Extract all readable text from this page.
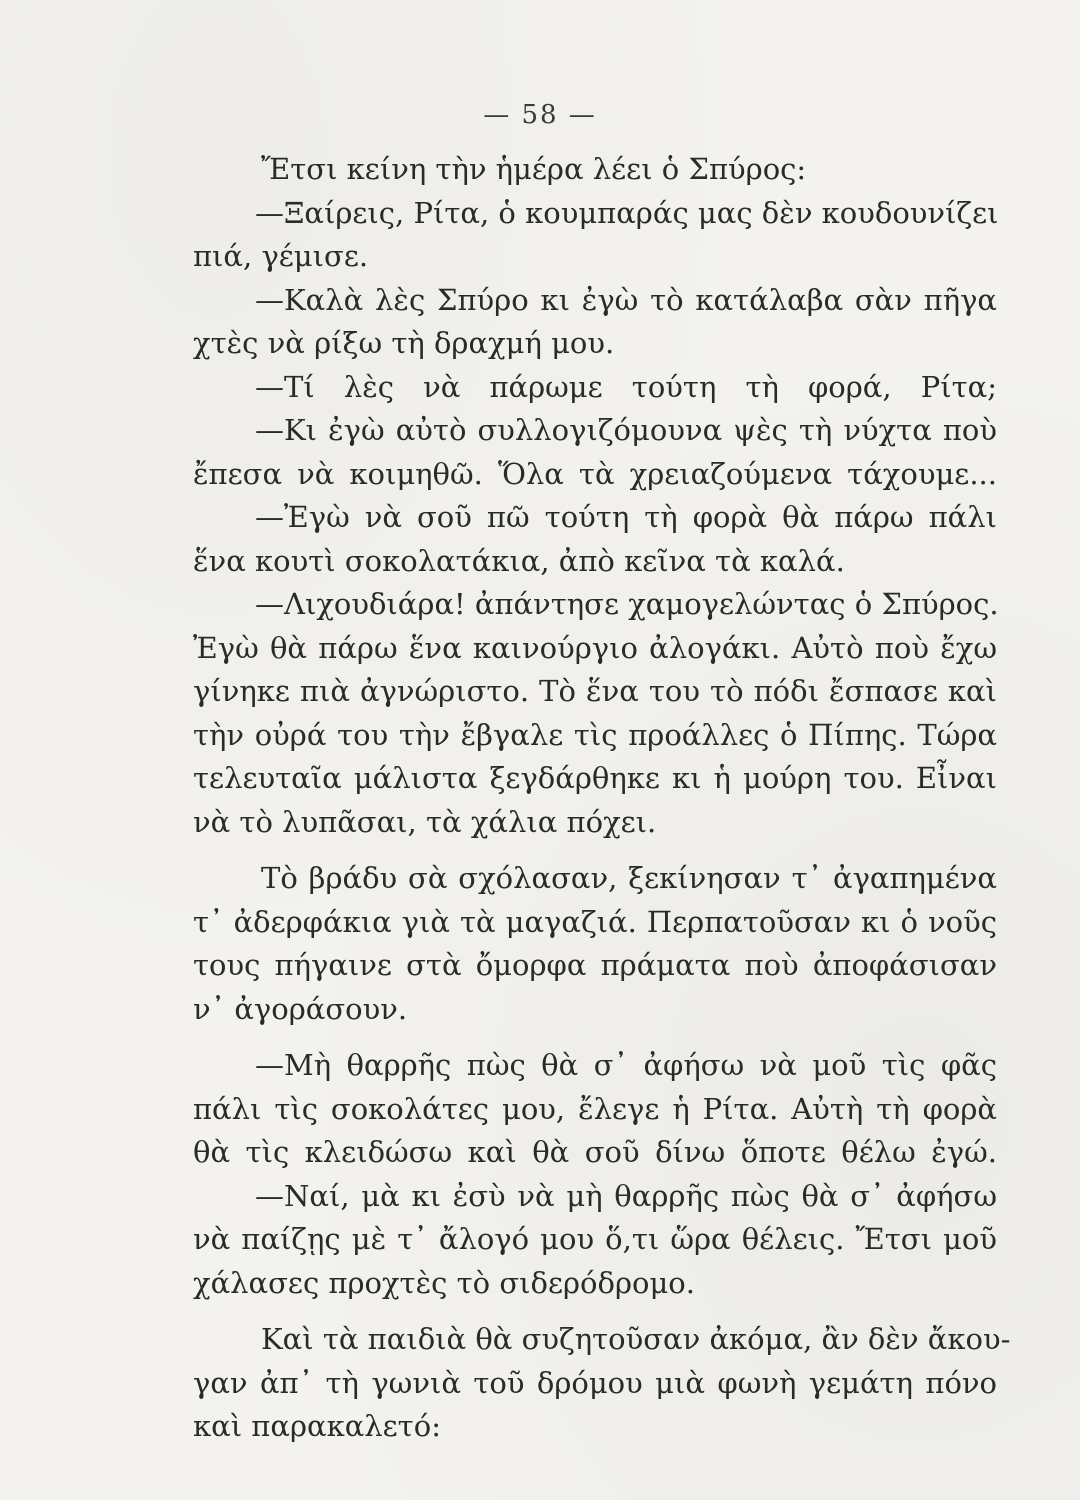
— 58 —
Ἔτσι κείνη τὴν ἡμέρα λέει ὁ Σπύρος:
—Ξαίρεις, Ρίτα, ὁ κουμπαράς μας δὲν κουδουνίζει
πιά, γέμισε.
—Καλὰ λὲς Σπύρο κι ἐγὼ τὸ κατάλαβα σὰν πῆγα
χτὲς νὰ ρίξω τὴ δραχμή μου.
—Τί λὲς νὰ πάρωμε τούτη τὴ φορά, Ρίτα;
—Κι ἐγὼ αὐτὸ συλλογιζόμουνα ψὲς τὴ νύχτα ποὺ
ἔπεσα νὰ κοιμηθῶ. Ὅλα τὰ χρειαζούμενα τάχουμε...
—Ἐγὼ νὰ σοῦ πῶ τούτη τὴ φορὰ θὰ πάρω πάλι
ἕνα κουτὶ σοκολατάκια, ἀπὸ κεῖνα τὰ καλά.
—Λιχουδιάρα! ἀπάντησε χαμογελώντας ὁ Σπύρος.
Ἐγὼ θὰ πάρω ἕνα καινούργιο ἀλογάκι. Αὐτὸ ποὺ ἔχω
γίνηκε πιὰ ἀγνώριστο. Τὸ ἕνα του τὸ πόδι ἔσπασε καὶ
τὴν οὐρά του τὴν ἔβγαλε τὶς προάλλες ὁ Πίπης. Τώρα
τελευταῖα μάλιστα ξεγδάρθηκε κι ἡ μούρη του. Εἶναι
νὰ τὸ λυπᾶσαι, τὰ χάλια πόχει.
Τὸ βράδυ σὰ σχόλασαν, ξεκίνησαν τ᾿ ἀγαπημένα
τ᾿ ἀδερφάκια γιὰ τὰ μαγαζιά. Περπατοῦσαν κι ὁ νοῦς
τους πήγαινε στὰ ὄμορφα πράματα ποὺ ἀποφάσισαν
ν᾿ ἀγοράσουν.
—Μὴ θαρρῆς πὼς θὰ σ᾿ ἀφήσω νὰ μοῦ τὶς φᾶς
πάλι τὶς σοκολάτες μου, ἔλεγε ἡ Ρίτα. Αὐτὴ τὴ φορὰ
θὰ τὶς κλειδώσω καὶ θὰ σοῦ δίνω ὅποτε θέλω ἐγώ.
—Ναί, μὰ κι ἐσὺ νὰ μὴ θαρρῆς πὼς θὰ σ᾿ ἀφήσω
νὰ παίζῃς μὲ τ᾿ ἄλογό μου ὅ,τι ὥρα θέλεις. Ἔτσι μοῦ
χάλασες προχτὲς τὸ σιδερόδρομο.
Καὶ τὰ παιδιὰ θὰ συζητοῦσαν ἀκόμα, ἂν δὲν ἄκου-
γαν ἀπ᾿ τὴ γωνιὰ τοῦ δρόμου μιὰ φωνὴ γεμάτη πόνο
καὶ παρακαλετό:
